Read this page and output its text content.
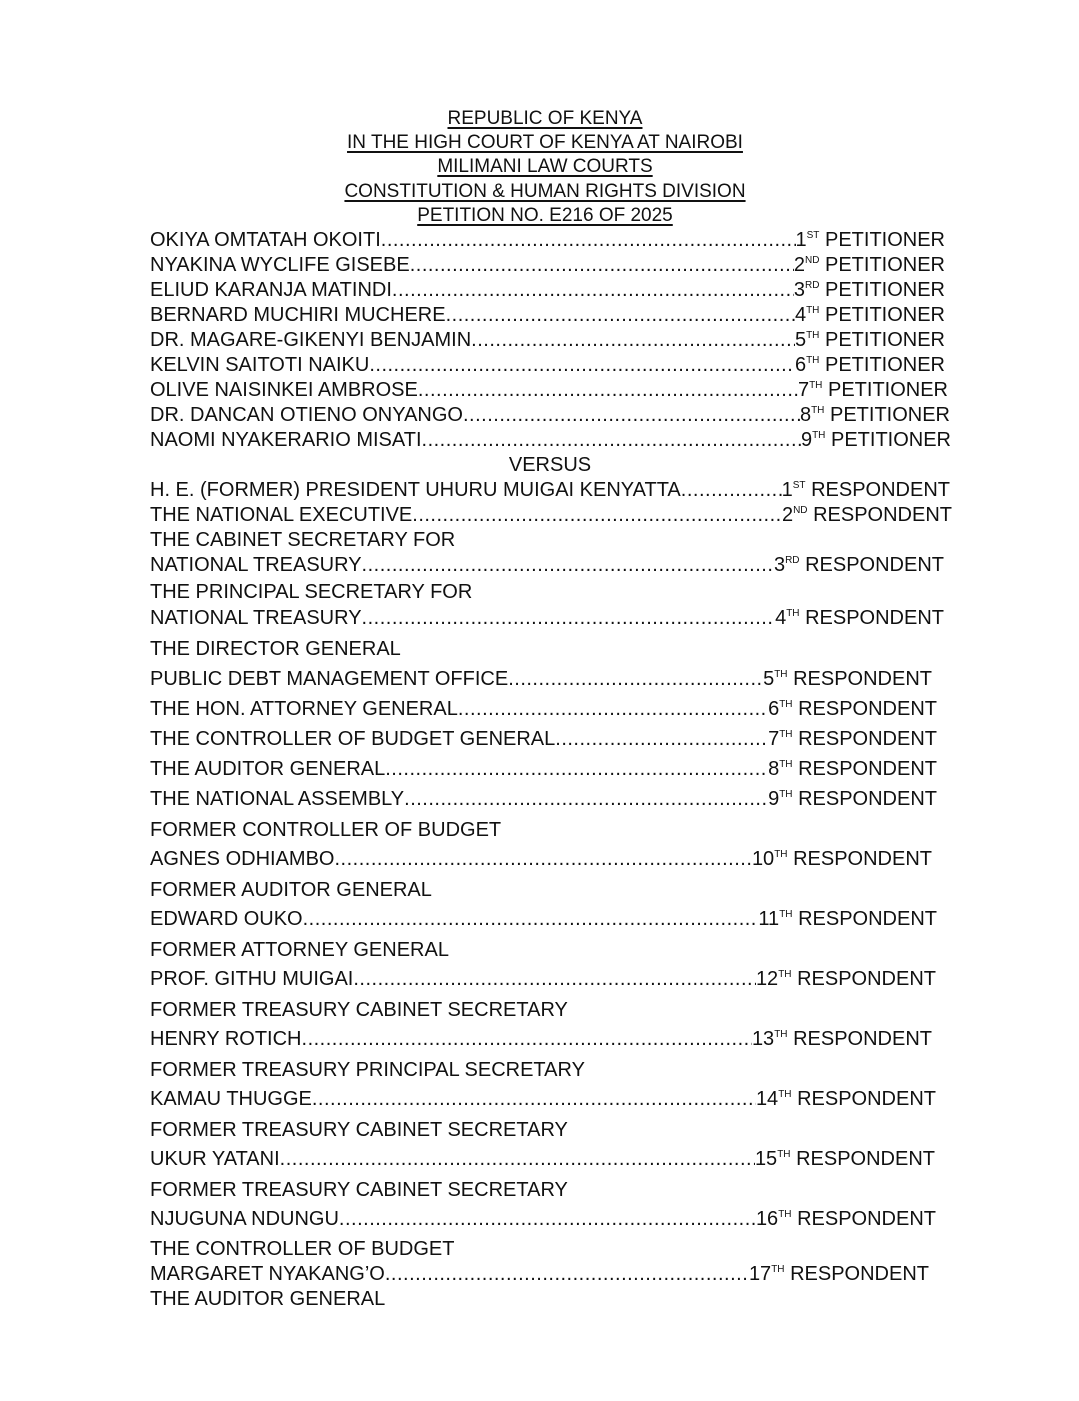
REPUBLIC OF KENYA
IN THE HIGH COURT OF KENYA AT NAIROBI
MILIMANI LAW COURTS
CONSTITUTION & HUMAN RIGHTS DIVISION
PETITION NO. E216 OF 2025
OKIYA OMTATAH OKOITI .....	1ST PETITIONER
NYAKINA WYCLIFE GISEBE .....	2ND PETITIONER
ELIUD KARANJA MATINDI .....	3RD PETITIONER
BERNARD MUCHIRI MUCHERE .....	4TH PETITIONER
DR. MAGARE-GIKENYI BENJAMIN .....	5TH PETITIONER
KELVIN SAITOTI NAIKU .....	6TH PETITIONER
OLIVE NAISINKEI AMBROSE .....	7TH PETITIONER
DR. DANCAN OTIENO ONYANGO .....	8TH PETITIONER
NAOMI NYAKERARIO MISATI .....	9TH PETITIONER
VERSUS
H. E. (FORMER) PRESIDENT UHURU MUIGAI KENYATTA .....	1ST RESPONDENT
THE NATIONAL EXECUTIVE .....	2ND RESPONDENT
THE CABINET SECRETARY FOR
NATIONAL TREASURY .....	3RD RESPONDENT
THE PRINCIPAL SECRETARY FOR
NATIONAL TREASURY .....	4TH RESPONDENT
THE DIRECTOR GENERAL
PUBLIC DEBT MANAGEMENT OFFICE .....	5TH RESPONDENT
THE HON. ATTORNEY GENERAL .....	6TH RESPONDENT
THE CONTROLLER OF BUDGET GENERAL .....	7TH RESPONDENT
THE AUDITOR GENERAL .....	8TH RESPONDENT
THE NATIONAL ASSEMBLY .....	9TH RESPONDENT
FORMER CONTROLLER OF BUDGET
AGNES ODHIAMBO .....	10TH RESPONDENT
FORMER AUDITOR GENERAL
EDWARD OUKO .....	11TH RESPONDENT
FORMER ATTORNEY GENERAL
PROF. GITHU MUIGAI .....	12TH RESPONDENT
FORMER TREASURY CABINET SECRETARY
HENRY ROTICH .....	13TH RESPONDENT
FORMER TREASURY PRINCIPAL SECRETARY
KAMAU THUGGE .....	14TH RESPONDENT
FORMER TREASURY CABINET SECRETARY
UKUR YATANI .....	15TH RESPONDENT
FORMER TREASURY CABINET SECRETARY
NJUGUNA NDUNGU .....	16TH RESPONDENT
THE CONTROLLER OF BUDGET
MARGARET NYAKANG’O .....	17TH RESPONDENT
THE AUDITOR GENERAL
